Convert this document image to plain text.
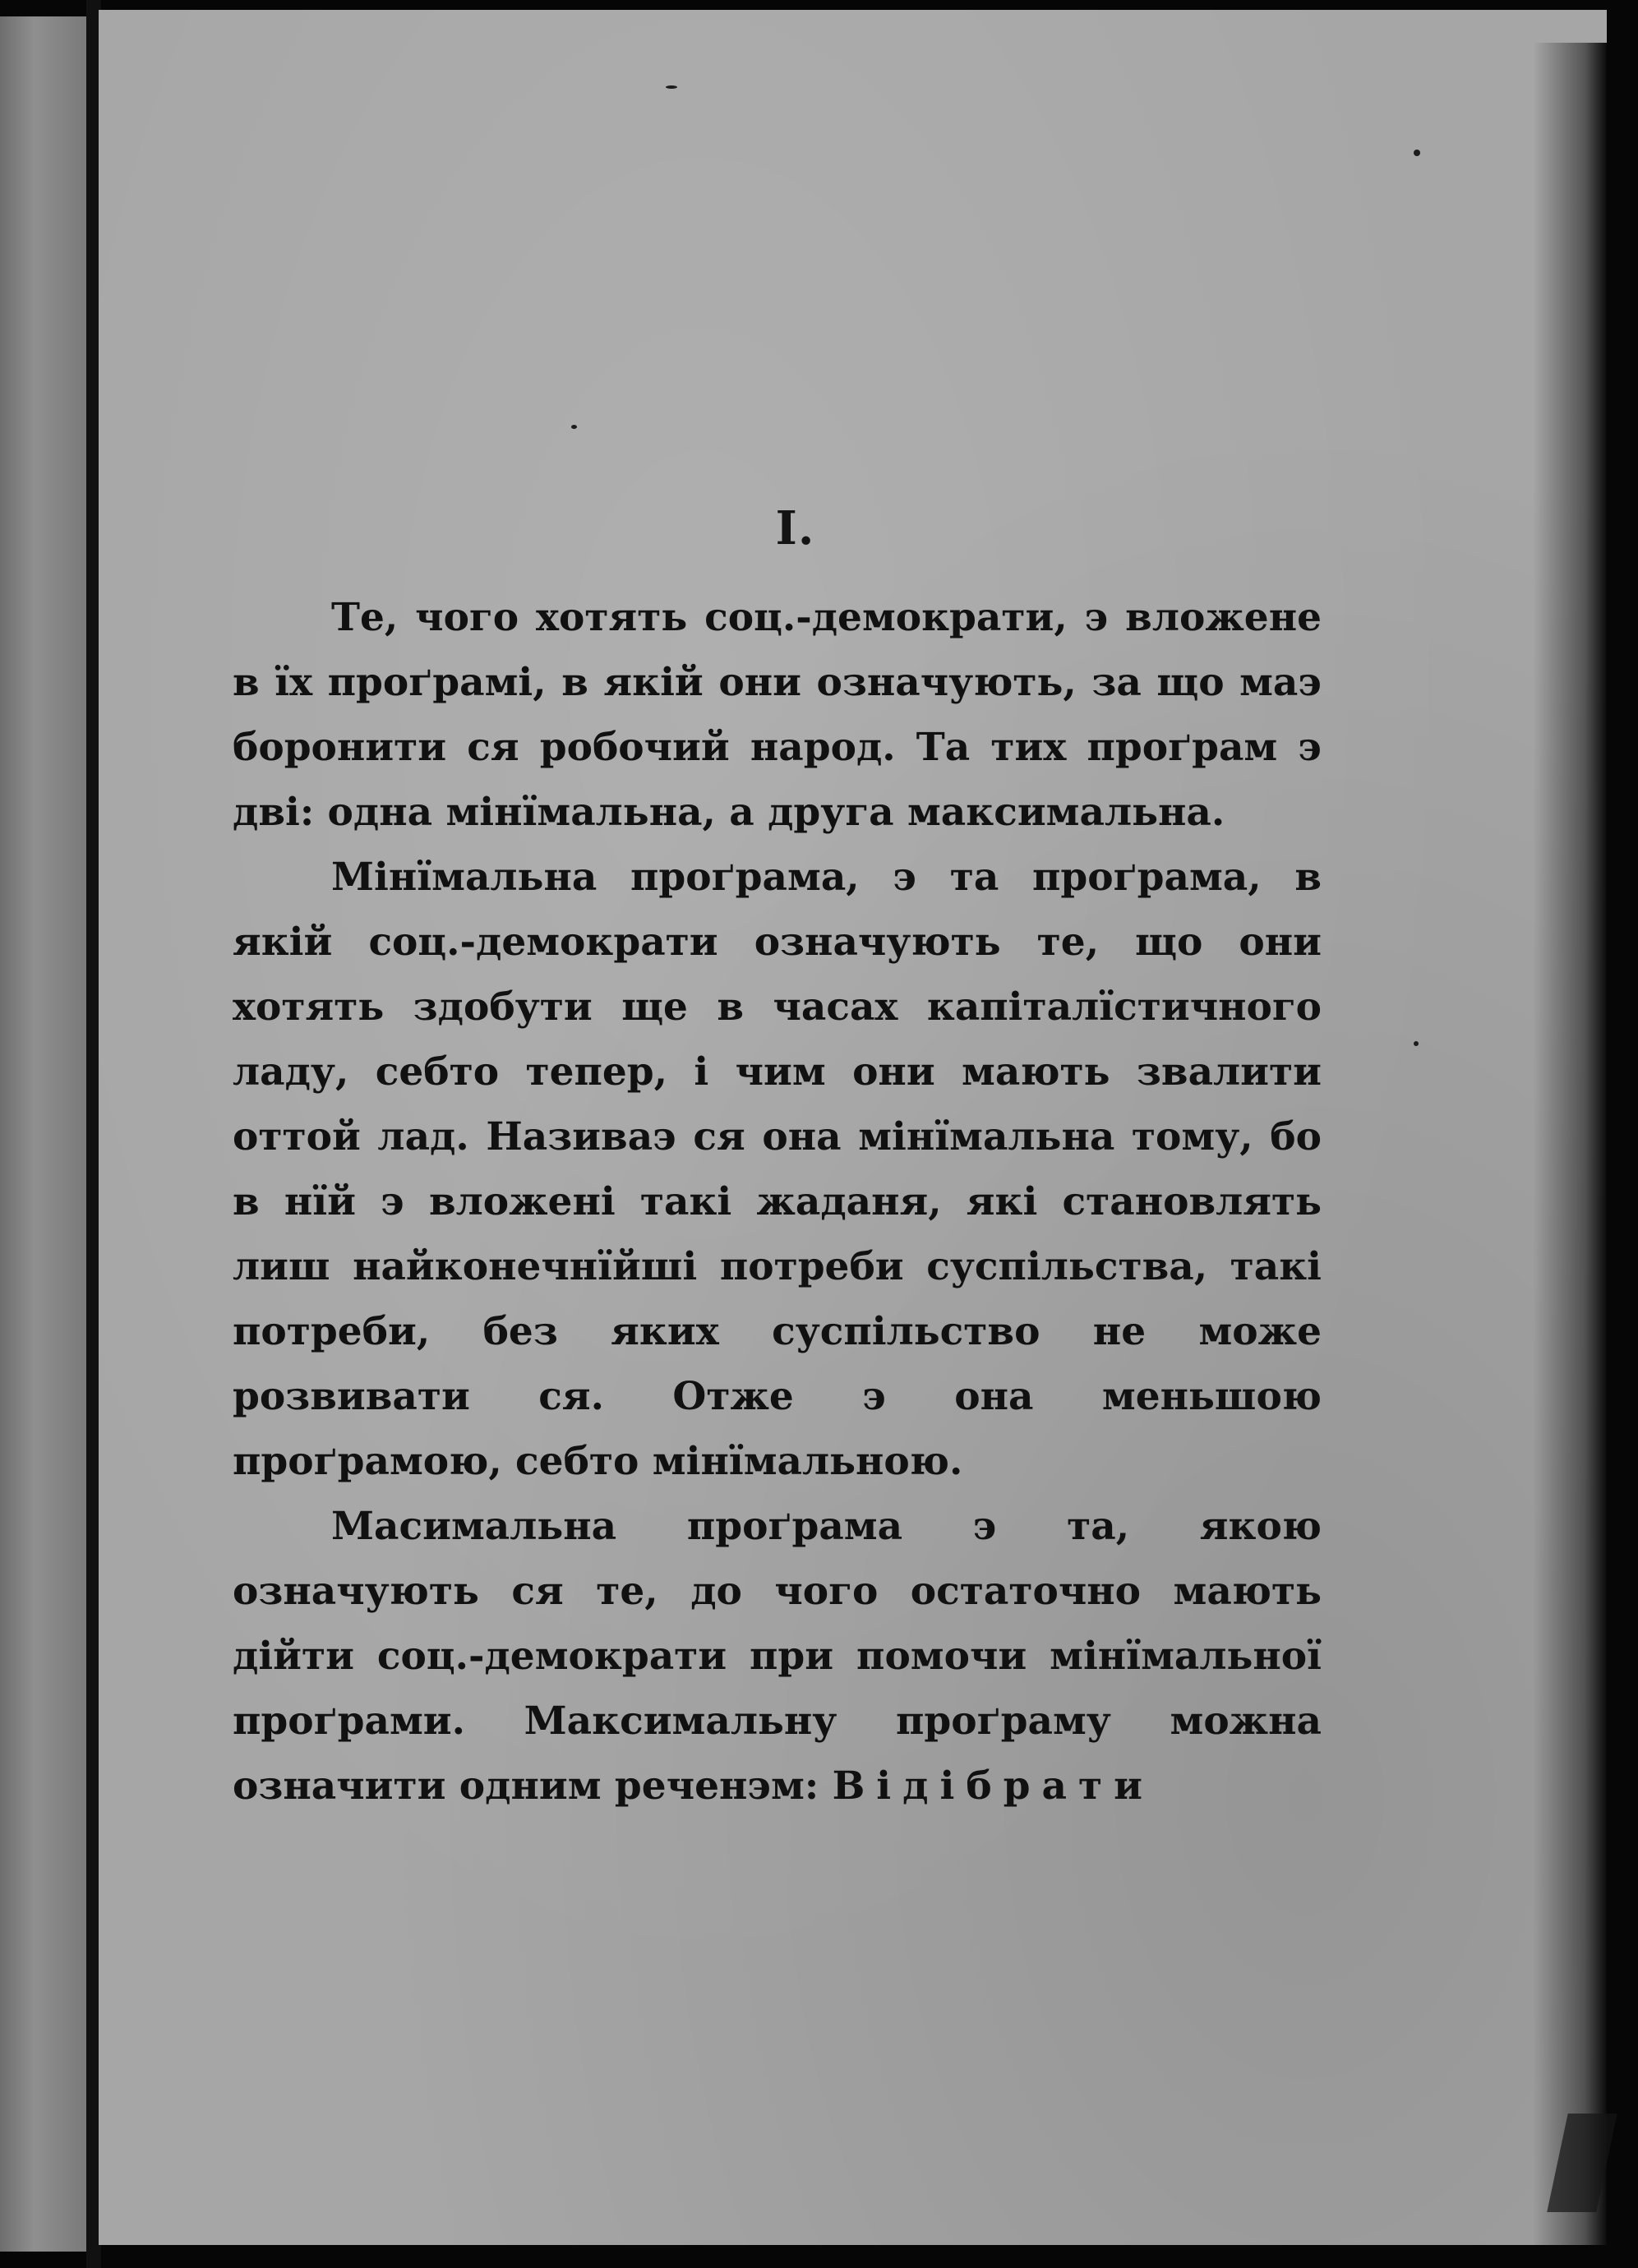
I.

Те, чого хотять соц.-демократи, э вложене в їх проґрамі, в якій они означують, за що маэ боронити ся робочий народ. Та тих проґрам э дві: одна мінїмальна, а друга максимальна.

Мінїмальна проґрама, э та проґрама, в якій соц.-демократи означують те, що они хотять здобути ще в часах капіталїстичного ладу, себто тепер, і чим они мають звалити оттой лад. Називаэ ся она мінїмальна тому, бо в нїй э вложені такі жаданя, які становлять лиш найконечнїйші потреби суспільства, такі потреби, без яких суспільство не може розвивати ся. Отже э она меньшою проґрамою, себто мінїмальною.

Масимальна проґрама э та, якою означують ся те, до чого остаточно мають дійти соц.-демократи при помочи мінїмальної проґрами. Максимальну проґраму можна означити одним реченэм: Відібрати
